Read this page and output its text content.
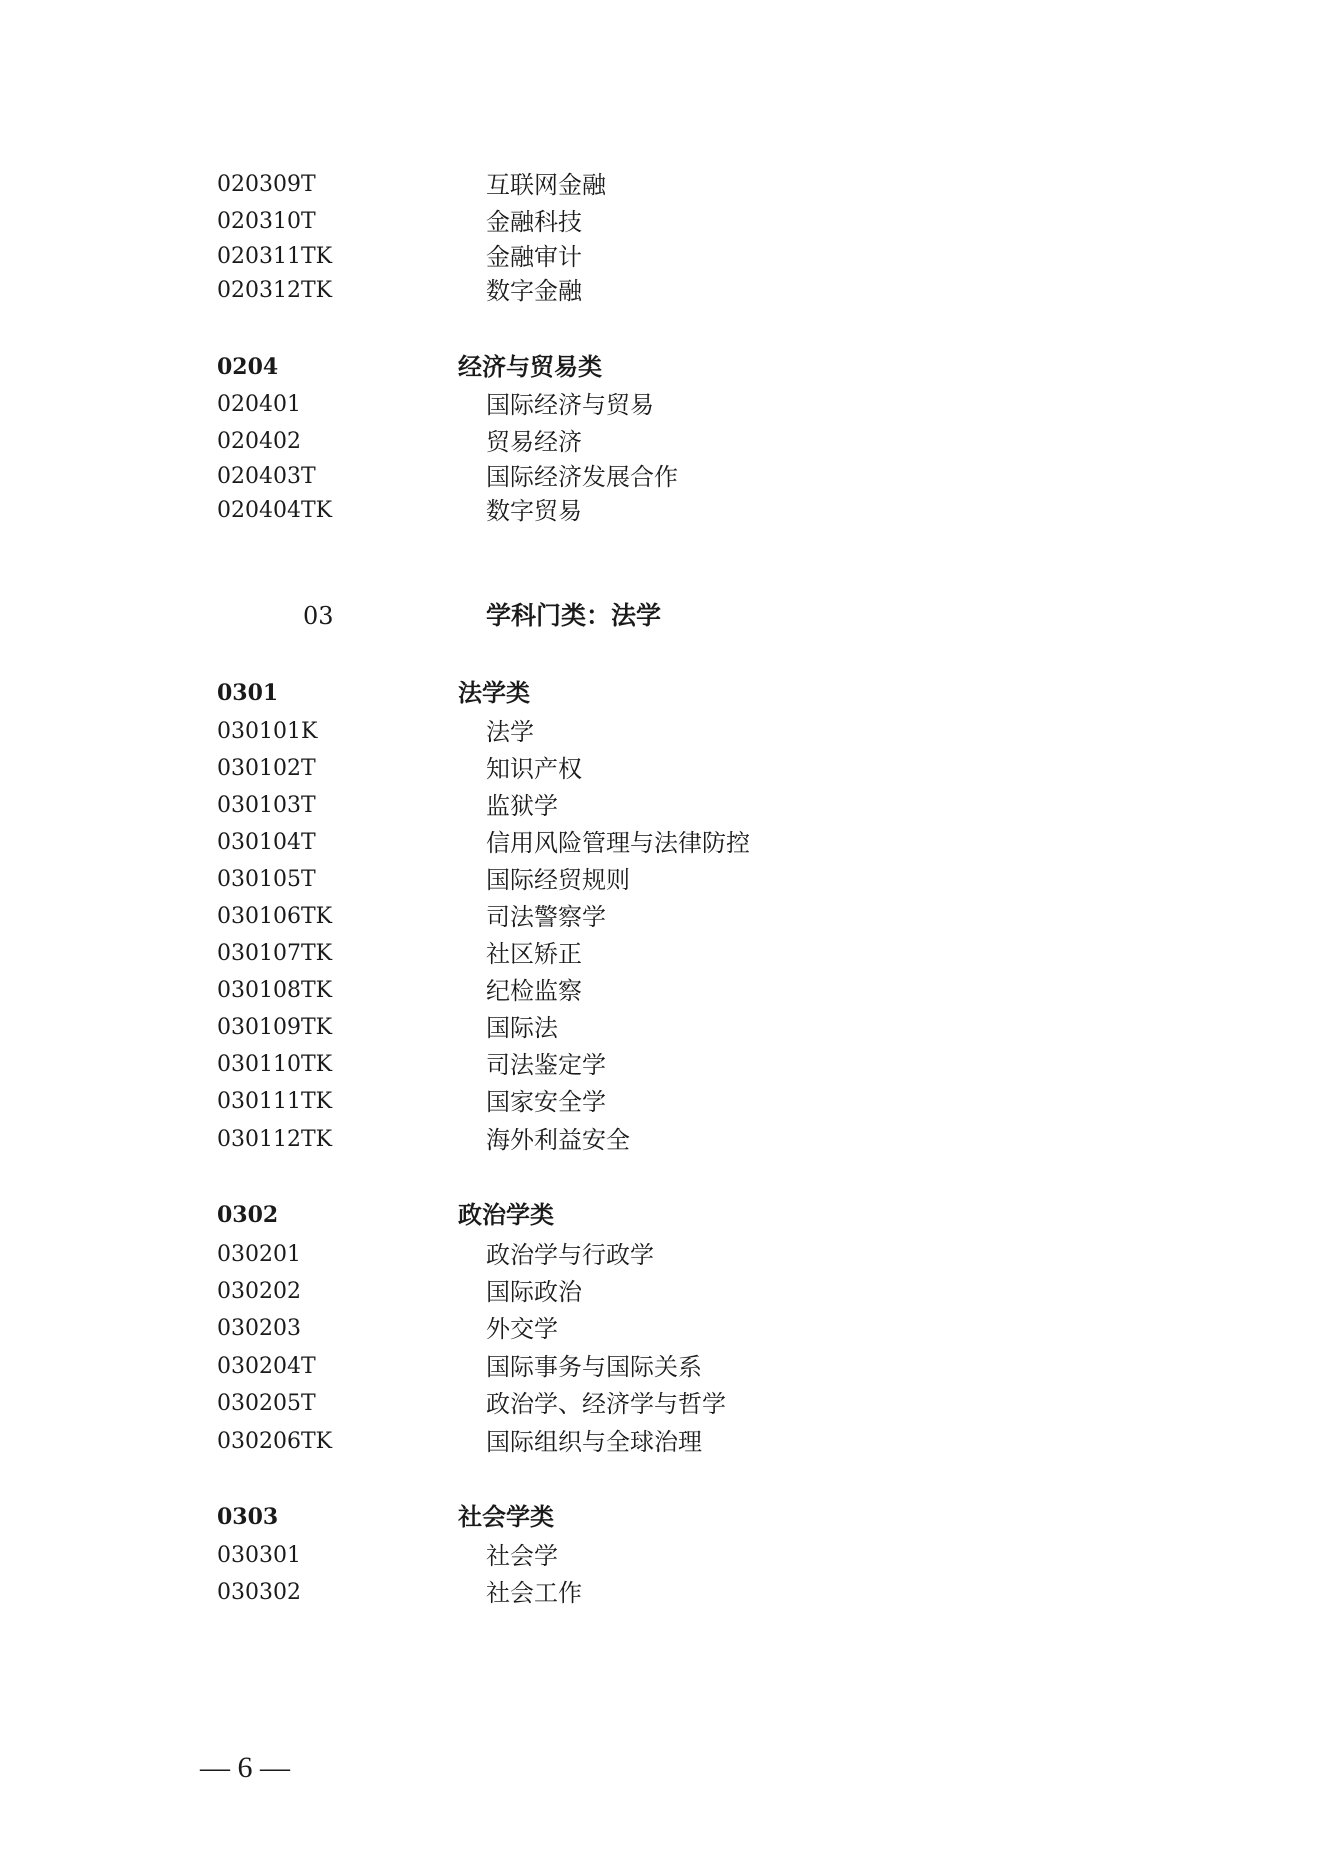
020309T	互联网金融
020310T	金融科技
020311TK	金融审计
020312TK	数字金融
0204	经济与贸易类
020401	国际经济与贸易
020402	贸易经济
020403T	国际经济发展合作
020404TK	数字贸易
03	学科门类：法学
0301	法学类
030101K	法学
030102T	知识产权
030103T	监狱学
030104T	信用风险管理与法律防控
030105T	国际经贸规则
030106TK	司法警察学
030107TK	社区矫正
030108TK	纪检监察
030109TK	国际法
030110TK	司法鉴定学
030111TK	国家安全学
030112TK	海外利益安全
0302	政治学类
030201	政治学与行政学
030202	国际政治
030203	外交学
030204T	国际事务与国际关系
030205T	政治学、经济学与哲学
030206TK	国际组织与全球治理
0303	社会学类
030301	社会学
030302	社会工作
— 6 —
